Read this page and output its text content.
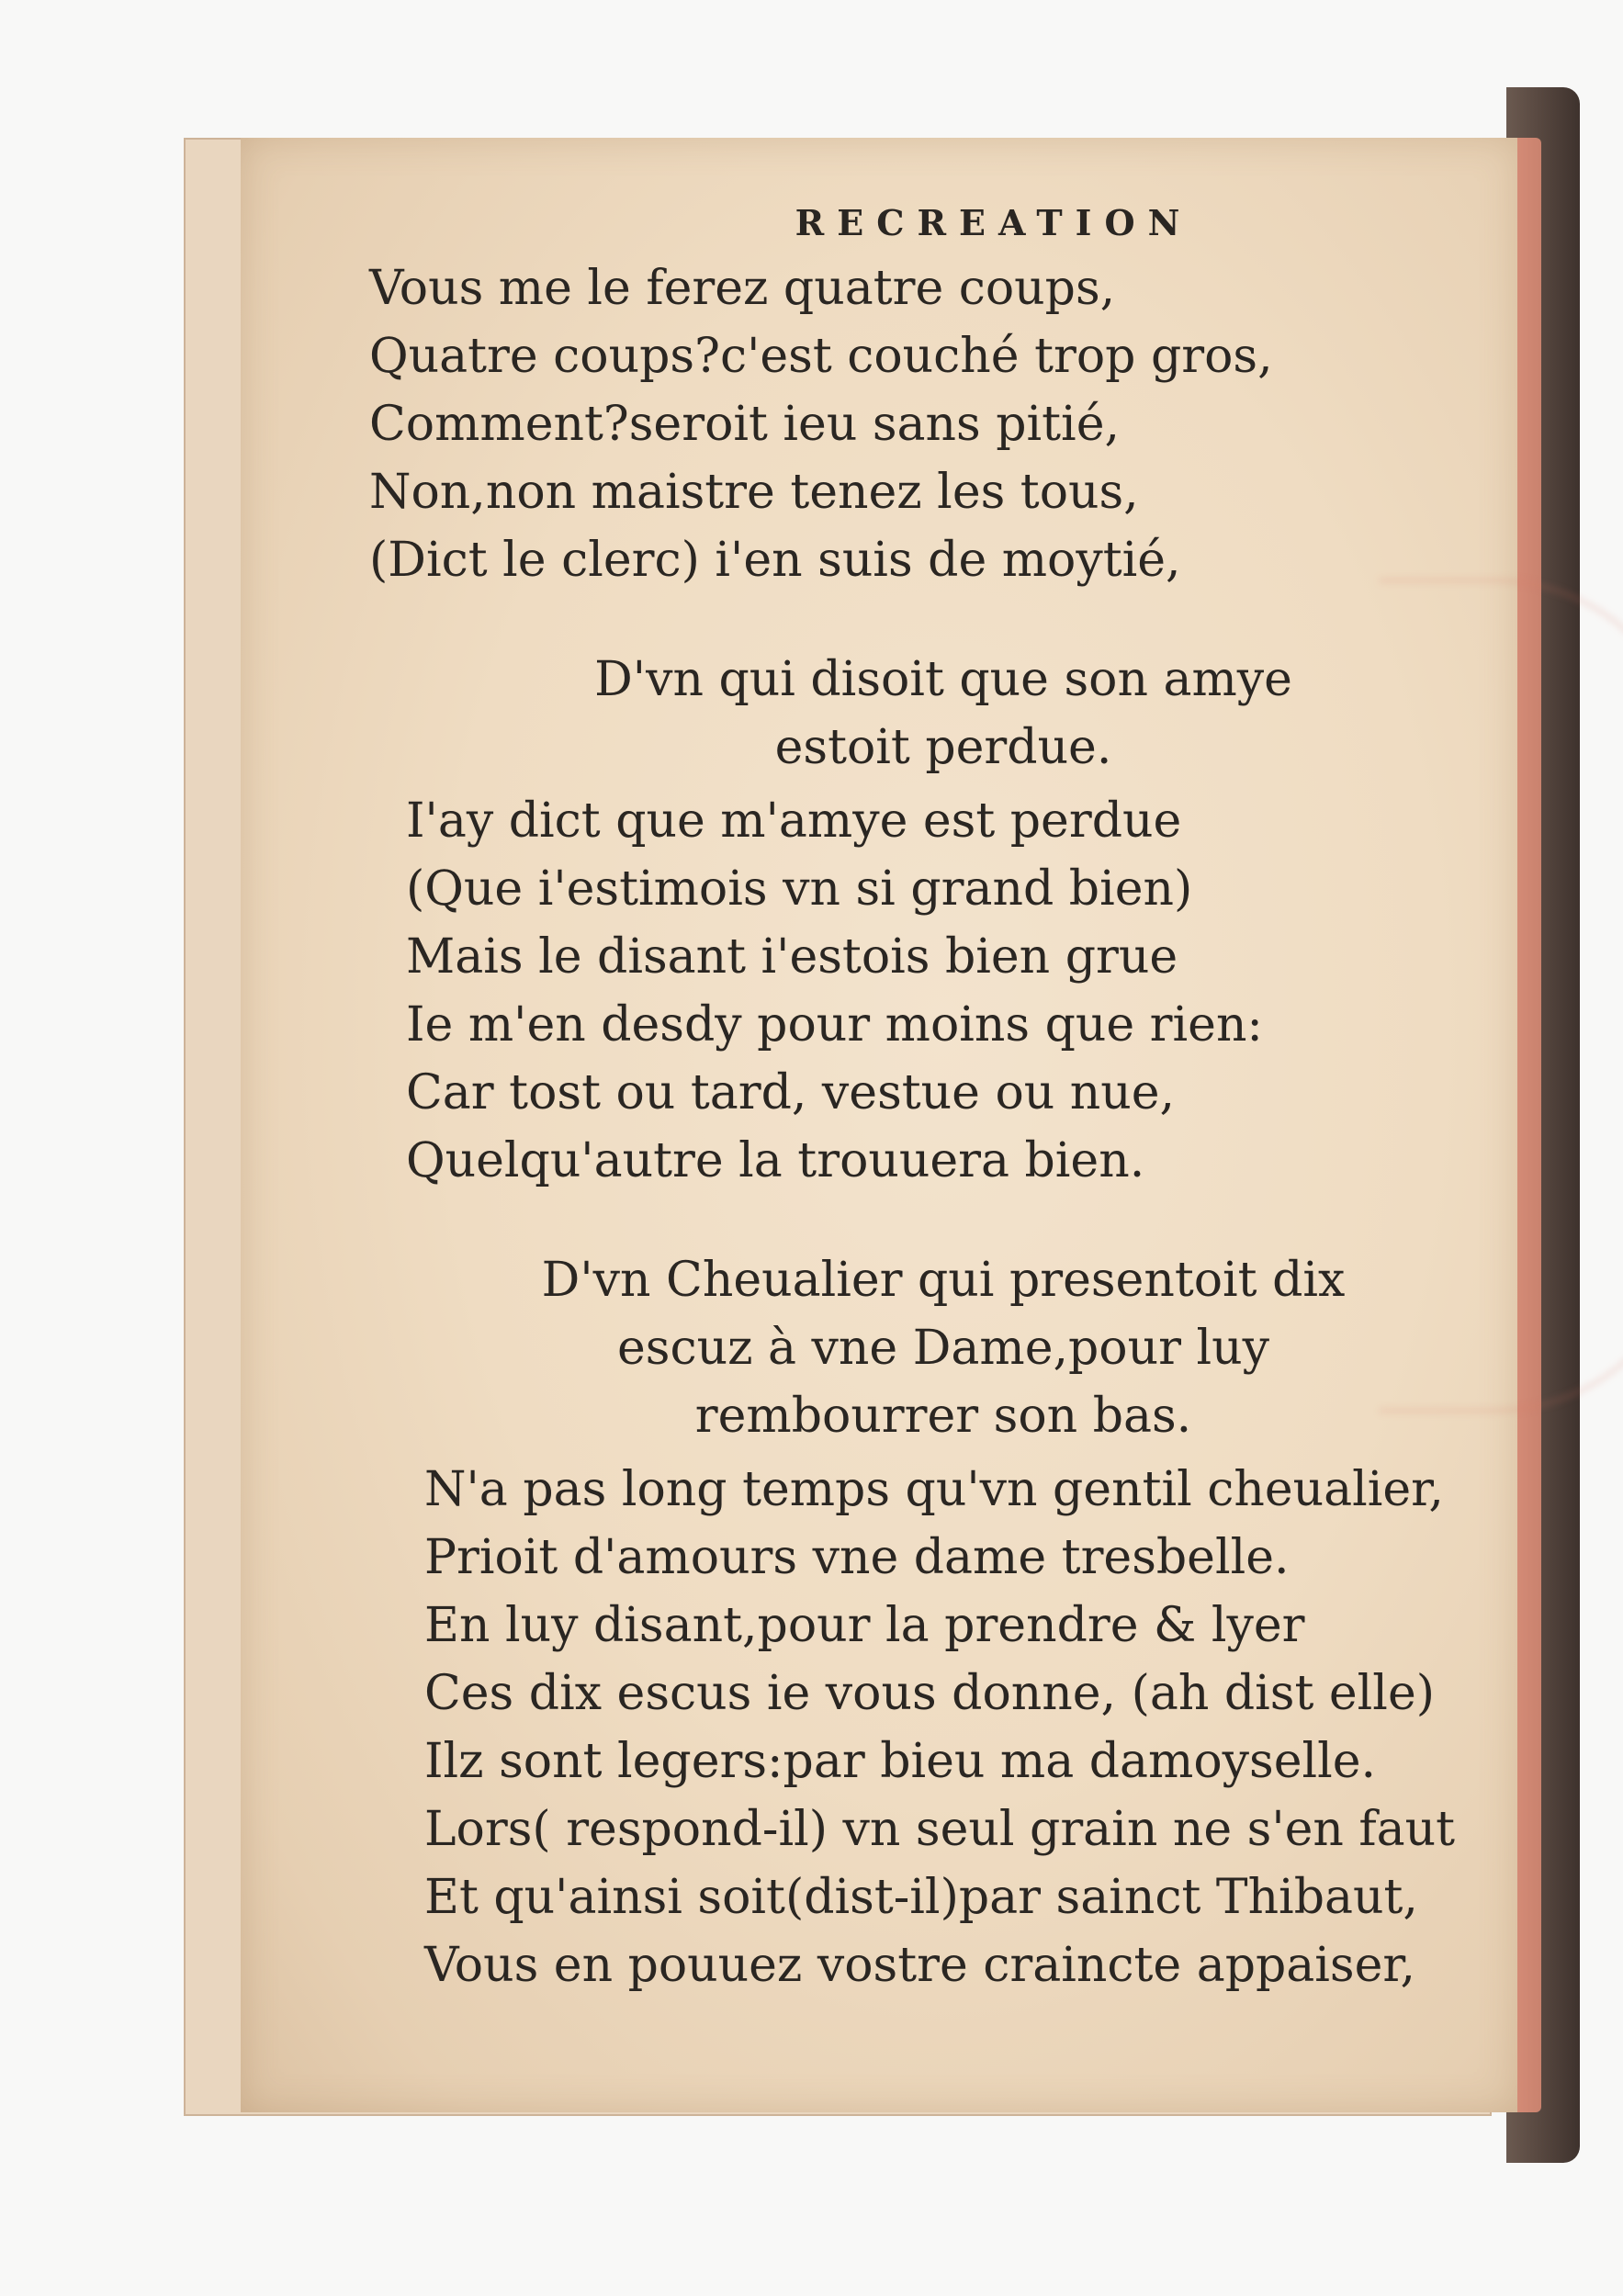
RECREATION
Vous me le ferez quatre coups,
Quatre coups?c'est couché trop gros,
Comment?seroit ieu sans pitié,
Non,non maistre tenez les tous,
(Dict le clerc) i'en suis de moytié,
D'vn qui disoit que son amye
estoit perdue.
I'ay dict que m'amye est perdue
(Que i'estimois vn si grand bien)
Mais le disant i'estois bien grue
Ie m'en desdy pour moins que rien:
Car tost ou tard, vestue ou nue,
Quelqu'autre la trouuera bien.
D'vn Cheualier qui presentoit dix
escuz à vne Dame,pour luy
rembourrer son bas.
N'a pas long temps qu'vn gentil cheualier,
Prioit d'amours vne dame tresbelle.
En luy disant,pour la prendre & lyer
Ces dix escus ie vous donne, (ah dist elle)
Ilz sont legers:par bieu ma damoyselle.
Lors( respond-il) vn seul grain ne s'en faut
Et qu'ainsi soit(dist-il)par sainct Thibaut,
Vous en pouuez vostre craincte appaiser,
